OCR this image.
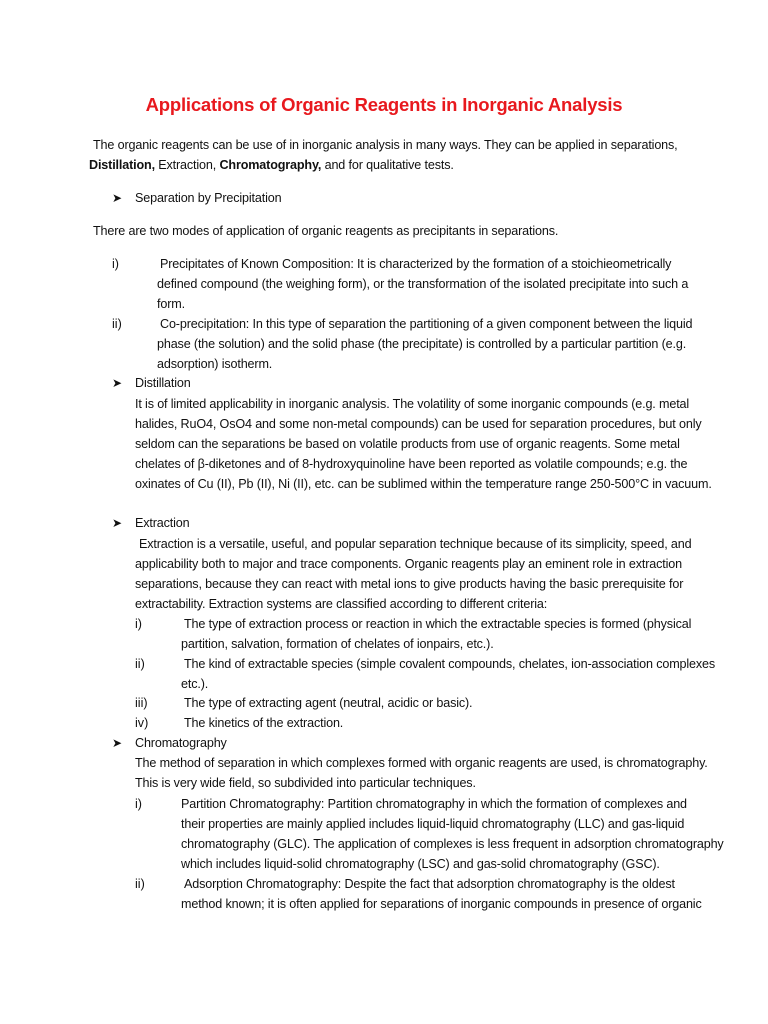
Applications of Organic Reagents in Inorganic Analysis
The organic reagents can be use of in inorganic analysis in many ways. They can be applied in separations,
Distillation, Extraction, Chromatography, and for qualitative tests.
➤ Separation by Precipitation
There are two modes of application of organic reagents as precipitants in separations.
i)	Precipitates of Known Composition: It is characterized by the formation of a stoichieometrically
defined compound (the weighing form), or the transformation of the isolated precipitate into such a
form.
ii)	Co-precipitation: In this type of separation the partitioning of a given component between the liquid
phase (the solution) and the solid phase (the precipitate) is controlled by a particular partition (e.g.
adsorption) isotherm.
➤ Distillation
It is of limited applicability in inorganic analysis. The volatility of some inorganic compounds (e.g. metal
halides, RuO4, OsO4 and some non-metal compounds) can be used for separation procedures, but only
seldom can the separations be based on volatile products from use of organic reagents. Some metal
chelates of β-diketones and of 8-hydroxyquinoline have been reported as volatile compounds; e.g. the
oxinates of Cu (II), Pb (II), Ni (II), etc. can be sublimed within the temperature range 250-500°C in vacuum.
➤ Extraction
Extraction is a versatile, useful, and popular separation technique because of its simplicity, speed, and
applicability both to major and trace components. Organic reagents play an eminent role in extraction
separations, because they can react with metal ions to give products having the basic prerequisite for
extractability. Extraction systems are classified according to different criteria:
i)	The type of extraction process or reaction in which the extractable species is formed (physical
partition, salvation, formation of chelates of ionpairs, etc.).
ii)	The kind of extractable species (simple covalent compounds, chelates, ion-association complexes
etc.).
iii)	The type of extracting agent (neutral, acidic or basic).
iv)	The kinetics of the extraction.
➤ Chromatography
The method of separation in which complexes formed with organic reagents are used, is chromatography.
This is very wide field, so subdivided into particular techniques.
i)	Partition Chromatography: Partition chromatography in which the formation of complexes and
their properties are mainly applied includes liquid-liquid chromatography (LLC) and gas-liquid
chromatography (GLC). The application of complexes is less frequent in adsorption chromatography
which includes liquid-solid chromatography (LSC) and gas-solid chromatography (GSC).
ii)	Adsorption Chromatography: Despite the fact that adsorption chromatography is the oldest
method known; it is often applied for separations of inorganic compounds in presence of organic
